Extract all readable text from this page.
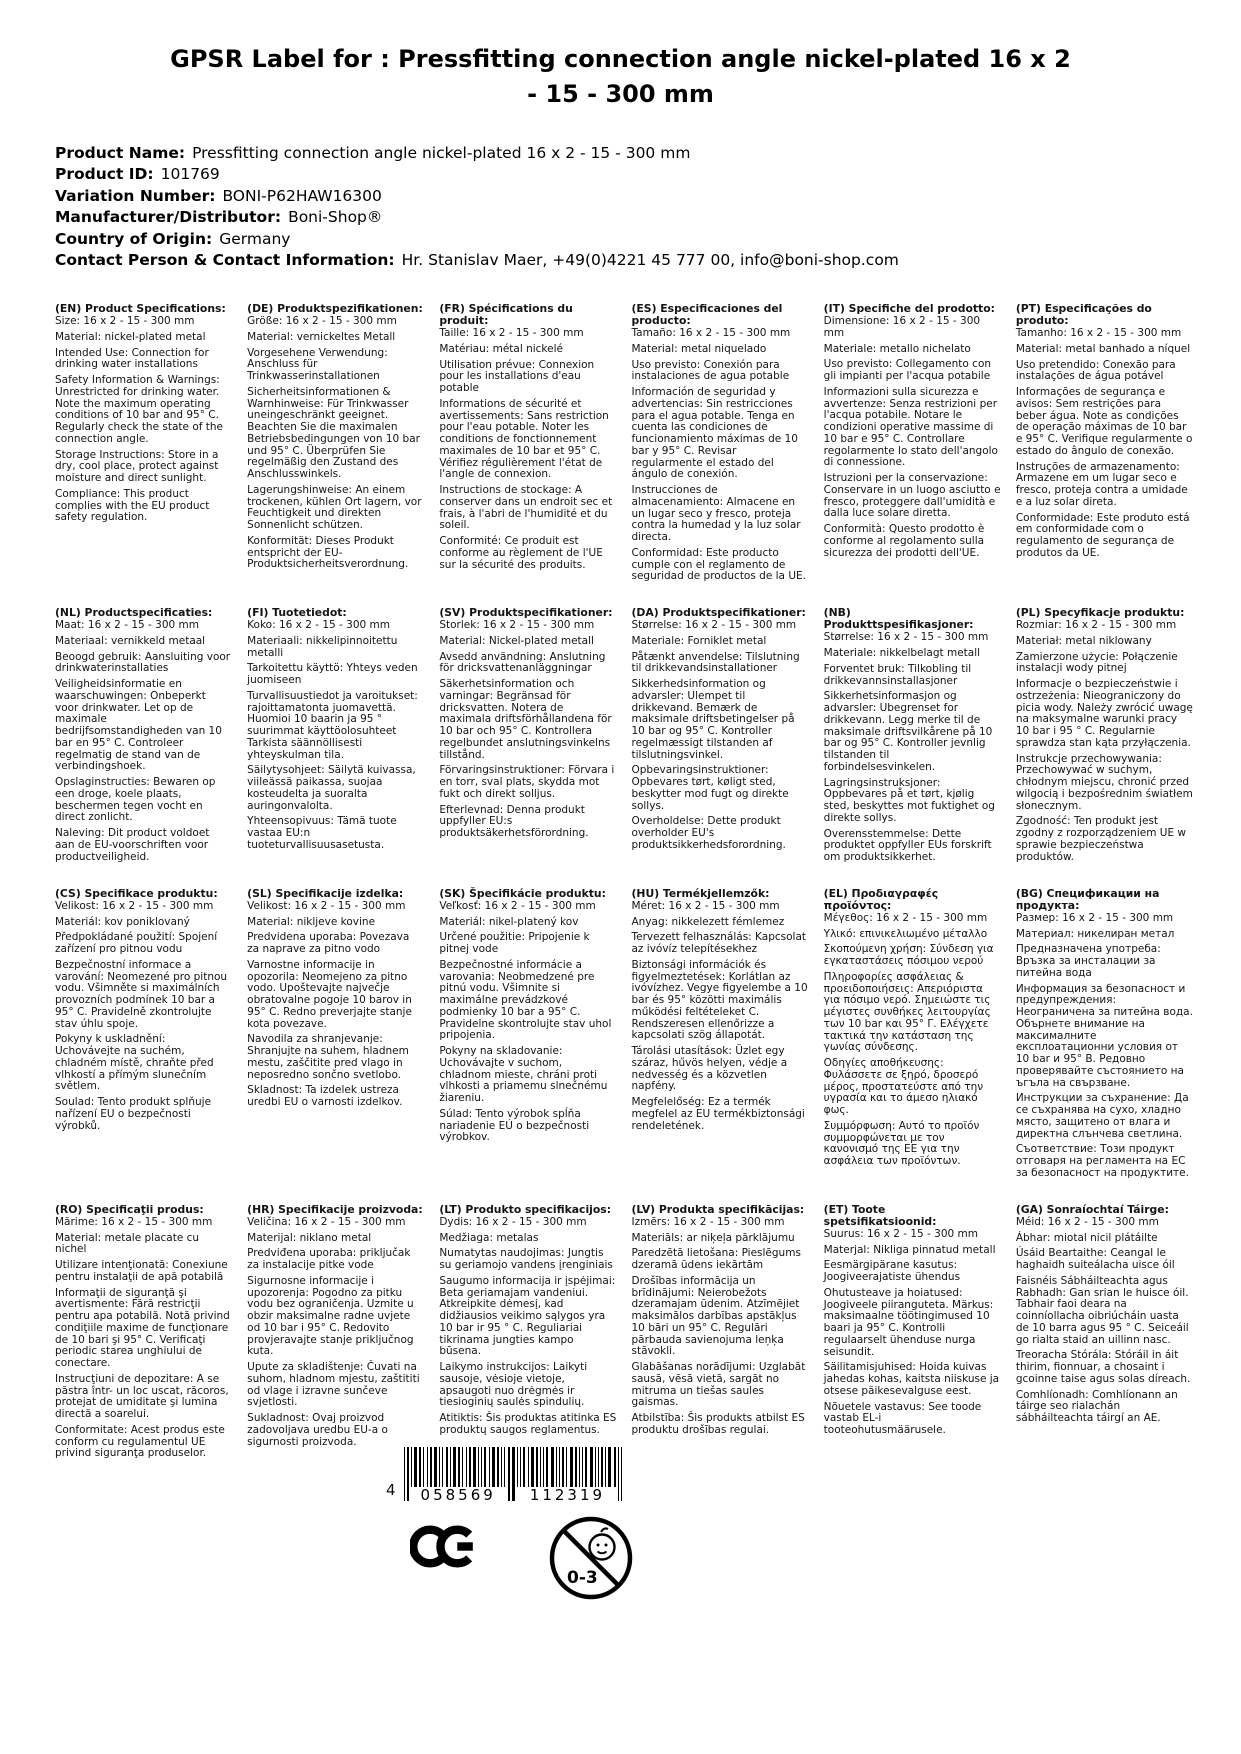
GPSR Label for : Pressfitting connection angle nickel-plated 16 x 2 - 15 - 300 mm
Product Name: Pressfitting connection angle nickel-plated 16 x 2 - 15 - 300 mm
Product ID: 101769
Variation Number: BONI-P62HAW16300
Manufacturer/Distributor: Boni-Shop®
Country of Origin: Germany
Contact Person & Contact Information: Hr. Stanislav Maer, +49(0)4221 45 777 00, info@boni-shop.com
(EN) Product Specifications:

Size: 16 x 2 - 15 - 300 mm

Material: nickel-plated metal

Intended Use: Connection for drinking water installations

Safety Information & Warnings: Unrestricted for drinking water. Note the maximum operating conditions of 10 bar and 95° C. Regularly check the state of the connection angle.

Storage Instructions: Store in a dry, cool place, protect against moisture and direct sunlight.

Compliance: This product complies with the EU product safety regulation.

(DE) Produktspezifikationen:

Größe: 16 x 2 - 15 - 300 mm

Material: vernickeltes Metall

Vorgesehene Verwendung: Anschluss für Trinkwasserinstallationen

Sicherheitsinformationen & Warnhinweise: Für Trinkwasser uneingeschränkt geeignet. Beachten Sie die maximalen Betriebsbedingungen von 10 bar und 95° C. Überprüfen Sie regelmäßig den Zustand des Anschlusswinkels.

Lagerungshinweise: An einem trockenen, kühlen Ort lagern, vor Feuchtigkeit und direkten Sonnenlicht schützen.

Konformität: Dieses Produkt entspricht der EU-Produktsicherheitsverordnung.

(FR) Spécifications du produit:

Taille: 16 x 2 - 15 - 300 mm

Matériau: métal nickelé

Utilisation prévue: Connexion pour les installations d'eau potable

Informations de sécurité et avertissements: Sans restriction pour l'eau potable. Noter les conditions de fonctionnement maximales de 10 bar et 95° C. Vérifiez régulièrement l'état de l'angle de connexion.

Instructions de stockage: A conserver dans un endroit sec et frais, à l'abri de l'humidité et du soleil.

Conformité: Ce produit est conforme au règlement de l'UE sur la sécurité des produits.

(ES) Especificaciones del producto:

Tamaño: 16 x 2 - 15 - 300 mm

Material: metal niquelado

Uso previsto: Conexión para instalaciones de agua potable

Información de seguridad y advertencias: Sin restricciones para el agua potable. Tenga en cuenta las condiciones de funcionamiento máximas de 10 bar y 95° C. Revisar regularmente el estado del ángulo de conexión.

Instrucciones de almacenamiento: Almacene en un lugar seco y fresco, proteja contra la humedad y la luz solar directa.

Conformidad: Este producto cumple con el reglamento de seguridad de productos de la UE.

(IT) Specifiche del prodotto:

Dimensione: 16 x 2 - 15 - 300 mm

Materiale: metallo nichelato

Uso previsto: Collegamento con gli impianti per l'acqua potabile

Informazioni sulla sicurezza e avvertenze: Senza restrizioni per l'acqua potabile. Notare le condizioni operative massime di 10 bar e 95° C. Controllare regolarmente lo stato dell'angolo di connessione.

Istruzioni per la conservazione: Conservare in un luogo asciutto e fresco, proteggere dall'umidità e dalla luce solare diretta.

Conformità: Questo prodotto è conforme al regolamento sulla sicurezza dei prodotti dell'UE.

(PT) Especificações do produto:

Tamanho: 16 x 2 - 15 - 300 mm

Material: metal banhado a níquel

Uso pretendido: Conexão para instalações de água potável

Informações de segurança e avisos: Sem restrições para beber água. Note as condições de operação máximas de 10 bar e 95° C. Verifique regularmente o estado do ângulo de conexão.

Instruções de armazenamento: Armazene em um lugar seco e fresco, proteja contra a umidade e a luz solar direta.

Conformidade: Este produto está em conformidade com o regulamento de segurança de produtos da UE.

(NL) Productspecificaties:

Maat: 16 x 2 - 15 - 300 mm

Materiaal: vernikkeld metaal

Beoogd gebruik: Aansluiting voor drinkwaterinstallaties

Veiligheidsinformatie en waarschuwingen: Onbeperkt voor drinkwater. Let op de maximale bedrijfsomstandigheden van 10 bar en 95° C. Controleer regelmatig de stand van de verbindingshoek.

Opslaginstructies: Bewaren op een droge, koele plaats, beschermen tegen vocht en direct zonlicht.

Naleving: Dit product voldoet aan de EU-voorschriften voor productveiligheid.

(FI) Tuotetiedot:

Koko: 16 x 2 - 15 - 300 mm

Materiaali: nikkelipinnoitettu metalli

Tarkoitettu käyttö: Yhteys veden juomiseen

Turvallisuustiedot ja varoitukset: rajoittamatonta juomavettä. Huomioi 10 baarin ja 95 ° suurimmat käyttöolosuhteet Tarkista säännöllisesti yhteyskulman tila.

Säilytysohjeet: Säilytä kuivassa, viileässä paikassa, suojaa kosteudelta ja suoralta auringonvalolta.

Yhteensopivuus: Tämä tuote vastaa EU:n tuoteturvallisuusasetusta.

(SV) Produktspecifikationer:

Storlek: 16 x 2 - 15 - 300 mm

Material: Nickel-plated metall

Avsedd användning: Anslutning för dricksvattenanläggningar

Säkerhetsinformation och varningar: Begränsad för dricksvatten. Notera de maximala driftsförhållandena för 10 bar och 95° C. Kontrollera regelbundet anslutningsvinkelns tillstånd.

Förvaringsinstruktioner: Förvara i en torr, sval plats, skydda mot fukt och direkt solljus.

Efterlevnad: Denna produkt uppfyller EU:s produktsäkerhetsförordning.

(DA) Produktspecifikationer:

Størrelse: 16 x 2 - 15 - 300 mm

Materiale: Forniklet metal

Påtænkt anvendelse: Tilslutning til drikkevandsinstallationer

Sikkerhedsinformation og advarsler: Ulempet til drikkevand. Bemærk de maksimale driftsbetingelser på 10 bar og 95° C. Kontroller regelmæssigt tilstanden af tilslutningsvinkel.

Opbevaringsinstruktioner: Opbevares tørt, køligt sted, beskytter mod fugt og direkte sollys.

Overholdelse: Dette produkt overholder EU's produktsikkerhedsforordning.

(NB) Produkttspesifikasjoner:

Størrelse: 16 x 2 - 15 - 300 mm

Materiale: nikkelbelagt metall

Forventet bruk: Tilkobling til drikkevannsinstallasjoner

Sikkerhetsinformasjon og advarsler: Ubegrenset for drikkevann. Legg merke til de maksimale driftsvilkårene på 10 bar og 95° C. Kontroller jevnlig tilstanden til forbindelsesvinkelen.

Lagringsinstruksjoner: Oppbevares på et tørt, kjølig sted, beskyttes mot fuktighet og direkte sollys.

Overensstemmelse: Dette produktet oppfyller EUs forskrift om produktsikkerhet.

(PL) Specyfikacje produktu:

Rozmiar: 16 x 2 - 15 - 300 mm

Materiał: metal niklowany

Zamierzone użycie: Połączenie instalacji wody pitnej

Informacje o bezpieczeństwie i ostrzeżenia: Nieograniczony do picia wody. Należy zwrócić uwagę na maksymalne warunki pracy 10 bar i 95 ° C. Regularnie sprawdza stan kąta przyłączenia.

Instrukcje przechowywania: Przechowywać w suchym, chłodnym miejscu, chronić przed wilgocią i bezpośrednim światłem słonecznym.

Zgodność: Ten produkt jest zgodny z rozporządzeniem UE w sprawie bezpieczeństwa produktów.

(CS) Specifikace produktu:

Velikost: 16 x 2 - 15 - 300 mm

Materiál: kov poniklovaný

Předpokládané použití: Spojení zařízení pro pitnou vodu

Bezpečnostní informace a varování: Neomezené pro pitnou vodu. Všimněte si maximálních provozních podmínek 10 bar a 95° C. Pravidelně zkontrolujte stav úhlu spoje.

Pokyny k uskladnění: Uchovávejte na suchém, chladném místě, chraňte před vlhkostí a přímým slunečním světlem.

Soulad: Tento produkt splňuje nařízení EU o bezpečnosti výrobků.

(SL) Specifikacije izdelka:

Velikost: 16 x 2 - 15 - 300 mm

Material: nikljeve kovine

Predvidena uporaba: Povezava za naprave za pitno vodo

Varnostne informacije in opozorila: Neomejeno za pitno vodo. Upoštevajte največje obratovalne pogoje 10 barov in 95° C. Redno preverjajte stanje kota povezave.

Navodila za shranjevanje: Shranjujte na suhem, hladnem mestu, zaščitite pred vlago in neposredno sončno svetlobo.

Skladnost: Ta izdelek ustreza uredbi EU o varnosti izdelkov.

(SK) Špecifikácie produktu:

Veľkosť: 16 x 2 - 15 - 300 mm

Materiál: nikel-platený kov

Určené použitie: Pripojenie k pitnej vode

Bezpečnostné informácie a varovania: Neobmedzené pre pitnú vodu. Všimnite si maximálne prevádzkové podmienky 10 bar a 95° C. Pravidelne skontrolujte stav uhol pripojenia.

Pokyny na skladovanie: Uchovávajte v suchom, chladnom mieste, chráni proti vlhkosti a priamemu slnečnému žiareniu.

Súlad: Tento výrobok spĺňa nariadenie EÚ o bezpečnosti výrobkov.

(HU) Termékjellemzők:

Méret: 16 x 2 - 15 - 300 mm

Anyag: nikkelezett fémlemez

Tervezett felhasználás: Kapcsolat az ivóvíz telepítésekhez

Biztonsági információk és figyelmeztetések: Korlátlan az ivóvízhez. Vegye figyelembe a 10 bar és 95° közötti maximális működési feltételeket C. Rendszeresen ellenőrizze a kapcsolati szög állapotát.

Tárolási utasítások: Üzlet egy száraz, hűvös helyen, védje a nedvesség és a közvetlen napfény.

Megfelelőség: Ez a termék megfelel az EU termékbiztonsági rendeletének.

(EL) Προδιαγραφές προϊόντος:

Μέγεθος: 16 x 2 - 15 - 300 mm

Υλικό: επινικελιωμένο μέταλλο

Σκοπούμενη χρήση: Σύνδεση για εγκαταστάσεις πόσιμου νερού

Πληροφορίες ασφάλειας & προειδοποιήσεις: Απεριόριστα για πόσιμο νερό. Σημειώστε τις μέγιστες συνθήκες λειτουργίας των 10 bar και 95° Γ. Ελέγχετε τακτικά την κατάσταση της γωνίας σύνδεσης.

Οδηγίες αποθήκευσης: Φυλάσσετε σε ξηρό, δροσερό μέρος, προστατεύστε από την υγρασία και το άμεσο ηλιακό φως.

Συμμόρφωση: Αυτό το προϊόν συμμορφώνεται με τον κανονισμό της ΕΕ για την ασφάλεια των προϊόντων.

(BG) Спецификации на продукта:

Размер: 16 x 2 - 15 - 300 mm

Материал: никелиран метал

Предназначена употреба: Връзка за инсталации за питейна вода

Информация за безопасност и предупреждения: Неограничена за питейна вода. Обърнете внимание на максималните експлоатационни условия от 10 bar и 95° B. Редовно проверявайте състоянието на ъгъла на свързване.

Инструкции за съхранение: Да се съхранява на сухо, хладно място, защитено от влага и директна слънчева светлина.

Съответствие: Този продукт отговаря на регламента на ЕС за безопасност на продуктите.

(RO) Specificaţii produs:

Mărime: 16 x 2 - 15 - 300 mm

Material: metale placate cu nichel

Utilizare intenţionată: Conexiune pentru instalaţii de apă potabilă

Informaţii de siguranţă şi avertismente: Fără restricţii pentru apa potabilă. Notă privind condiţiile maxime de funcţionare de 10 bari şi 95° C. Verificaţi periodic starea unghiului de conectare.

Instrucţiuni de depozitare: A se păstra într- un loc uscat, răcoros, protejat de umiditate şi lumina directă a soarelui.

Conformitate: Acest produs este conform cu regulamentul UE privind siguranţa produselor.

(HR) Specifikacije proizvoda:

Veličina: 16 x 2 - 15 - 300 mm

Materijal: niklano metal

Predviđena uporaba: priključak za instalacije pitke vode

Sigurnosne informacije i upozorenja: Pogodno za pitku vodu bez ograničenja. Uzmite u obzir maksimalne radne uvjete od 10 bar i 95° C. Redovito provjeravajte stanje priključnog kuta.

Upute za skladištenje: Čuvati na suhom, hladnom mjestu, zaštititi od vlage i izravne sunčeve svjetlosti.

Sukladnost: Ovaj proizvod zadovoljava uredbu EU-a o sigurnosti proizvoda.

(LT) Produkto specifikacijos:

Dydis: 16 x 2 - 15 - 300 mm

Medžiaga: metalas

Numatytas naudojimas: Jungtis su geriamojo vandens įrenginiais

Saugumo informacija ir įspėjimai: Beta geriamajam vandeniui. Atkreipkite dėmesį, kad didžiausios veikimo sąlygos yra 10 bar ir 95 ° C. Reguliariai tikrinama jungties kampo būsena.

Laikymo instrukcijos: Laikyti sausoje, vėsioje vietoje, apsaugoti nuo drėgmės ir tiesioginių saulės spindulių.

Atitiktis: Šis produktas atitinka ES produktų saugos reglamentus.

(LV) Produkta specifikācijas:

Izmērs: 16 x 2 - 15 - 300 mm

Materiāls: ar niķeļa pārklājumu

Paredzētā lietošana: Pieslēgums dzeramā ūdens iekārtām

Drošības informācija un brīdinājumi: Neierobežots dzeramajam ūdenim. Atzīmējiet maksimālos darbības apstākļus 10 bāri un 95° C. Regulāri pārbauda savienojuma leņķa stāvokli.

Glabāšanas norādījumi: Uzglabāt sausā, vēsā vietā, sargāt no mitruma un tiešas saules gaismas.

Atbilstība: Šis produkts atbilst ES produktu drošības regulai.

(ET) Toote spetsifikatsioonid:

Suurus: 16 x 2 - 15 - 300 mm

Materjal: Nikliga pinnatud metall

Eesmärgipärane kasutus: Joogiveerajatiste ühendus

Ohutusteave ja hoiatused: Joogiveele piiranguteta. Märkus: maksimaalne töötingimused 10 baari ja 95° C. Kontrolli regulaarselt ühenduse nurga seisundit.

Säilitamisjuhised: Hoida kuivas jahedas kohas, kaitsta niiskuse ja otsese päikesevalguse eest.

Nõuetele vastavus: See toode vastab EL-i tooteohutusmäärusele.

(GA) Sonraíochtaí Táirge:

Méid: 16 x 2 - 15 - 300 mm

Ábhar: miotal nicil plátáilte

Úsáid Beartaithe: Ceangal le haghaidh suiteálacha uisce óil

Faisnéis Sábháilteachta agus Rabhadh: Gan srian le huisce óil. Tabhair faoi deara na coinníollacha oibriúcháin uasta de 10 barra agus 95 ° C. Seiceáil go rialta staid an uillinn nasc.

Treoracha Stórála: Stóráil in áit thirim, fionnuar, a chosaint i gcoinne taise agus solas díreach.

Comhlíonadh: Comhlíonann an táirge seo rialachán sábháilteachta táirgí an AE.

4 058569 112319
0-3
